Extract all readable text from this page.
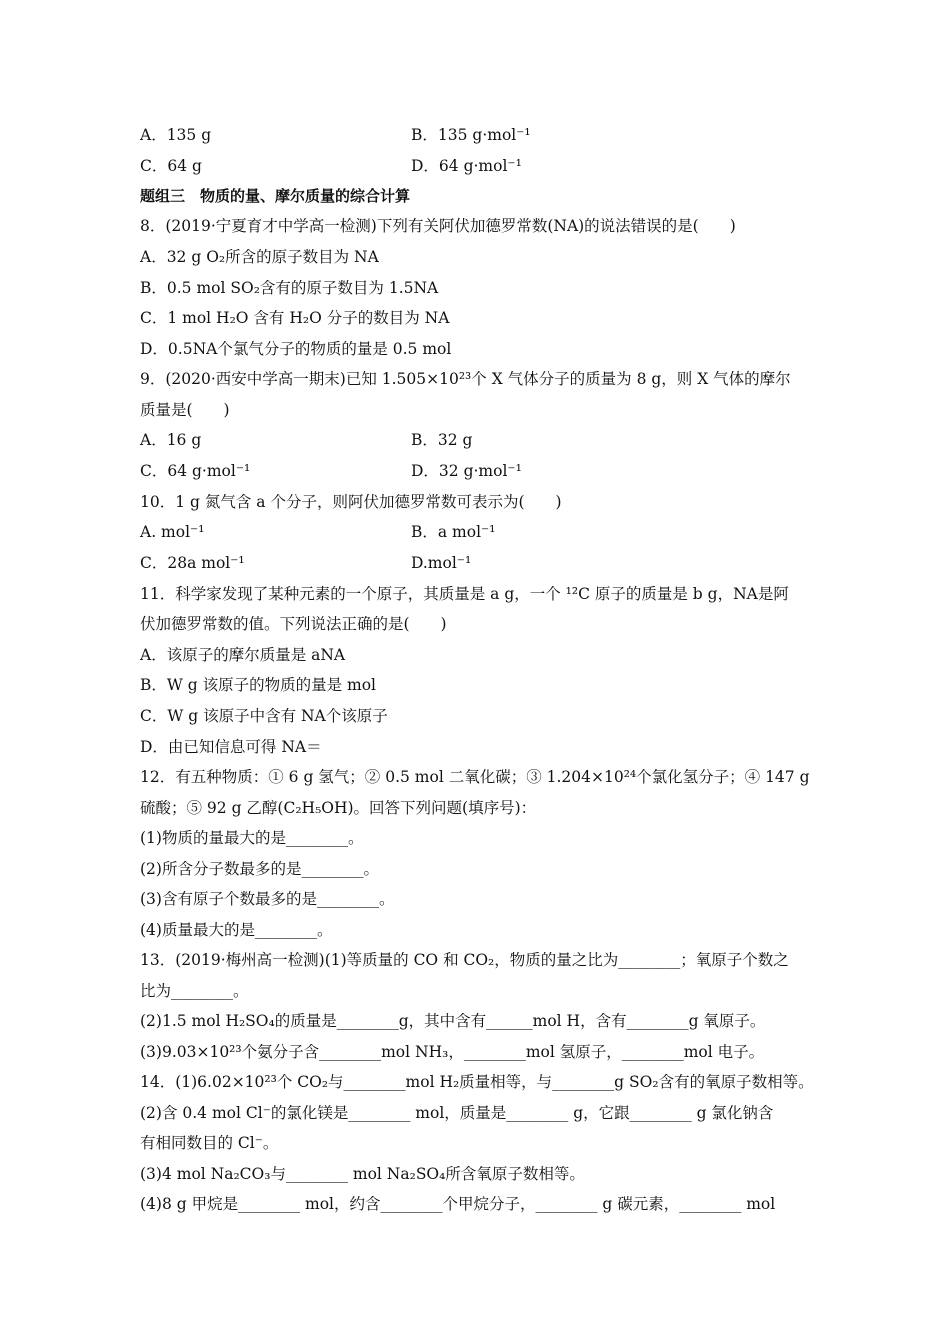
A．135 g	B．135 g·mol⁻¹
C．64 g	D．64 g·mol⁻¹
题组三　物质的量、摩尔质量的综合计算
8．(2019·宁夏育才中学高一检测)下列有关阿伏加德罗常数(NA)的说法错误的是(　　)
A．32 g O₂所含的原子数目为 NA
B．0.5 mol SO₂含有的原子数目为 1.5NA
C．1 mol H₂O 含有 H₂O 分子的数目为 NA
D．0.5NA个氯气分子的物质的量是 0.5 mol
9．(2020·西安中学高一期末)已知 1.505×10²³个 X 气体分子的质量为 8 g，则 X 气体的摩尔
质量是(　　)
A．16 g	B．32 g
C．64 g·mol⁻¹	D．32 g·mol⁻¹
10．1 g 氮气含 a 个分子，则阿伏加德罗常数可表示为(　　)
A. mol⁻¹	B．a mol⁻¹
C．28a mol⁻¹	D.mol⁻¹
11．科学家发现了某种元素的一个原子，其质量是 a g，一个 ¹²C 原子的质量是 b g，NA是阿
伏加德罗常数的值。下列说法正确的是(　　)
A．该原子的摩尔质量是 aNA
B．W g 该原子的物质的量是 mol
C．W g 该原子中含有 NA个该原子
D．由已知信息可得 NA＝
12．有五种物质：① 6 g 氢气；② 0.5 mol 二氧化碳；③ 1.204×10²⁴个氯化氢分子；④ 147 g
硫酸；⑤ 92 g 乙醇(C₂H₅OH)。回答下列问题(填序号)：
(1)物质的量最大的是________。
(2)所含分子数最多的是________。
(3)含有原子个数最多的是________。
(4)质量最大的是________。
13．(2019·梅州高一检测)(1)等质量的 CO 和 CO₂，物质的量之比为________；氧原子个数之
比为________。
(2)1.5 mol H₂SO₄的质量是________g，其中含有______mol H，含有________g 氧原子。
(3)9.03×10²³个氨分子含________mol NH₃，________mol 氢原子，________mol 电子。
14．(1)6.02×10²³个 CO₂与________mol H₂质量相等，与________g SO₂含有的氧原子数相等。
(2)含 0.4 mol Cl⁻的氯化镁是________ mol，质量是________ g，它跟________ g 氯化钠含
有相同数目的 Cl⁻。
(3)4 mol Na₂CO₃与________ mol Na₂SO₄所含氧原子数相等。
(4)8 g 甲烷是________ mol，约含________个甲烷分子，________ g 碳元素，________ mol
